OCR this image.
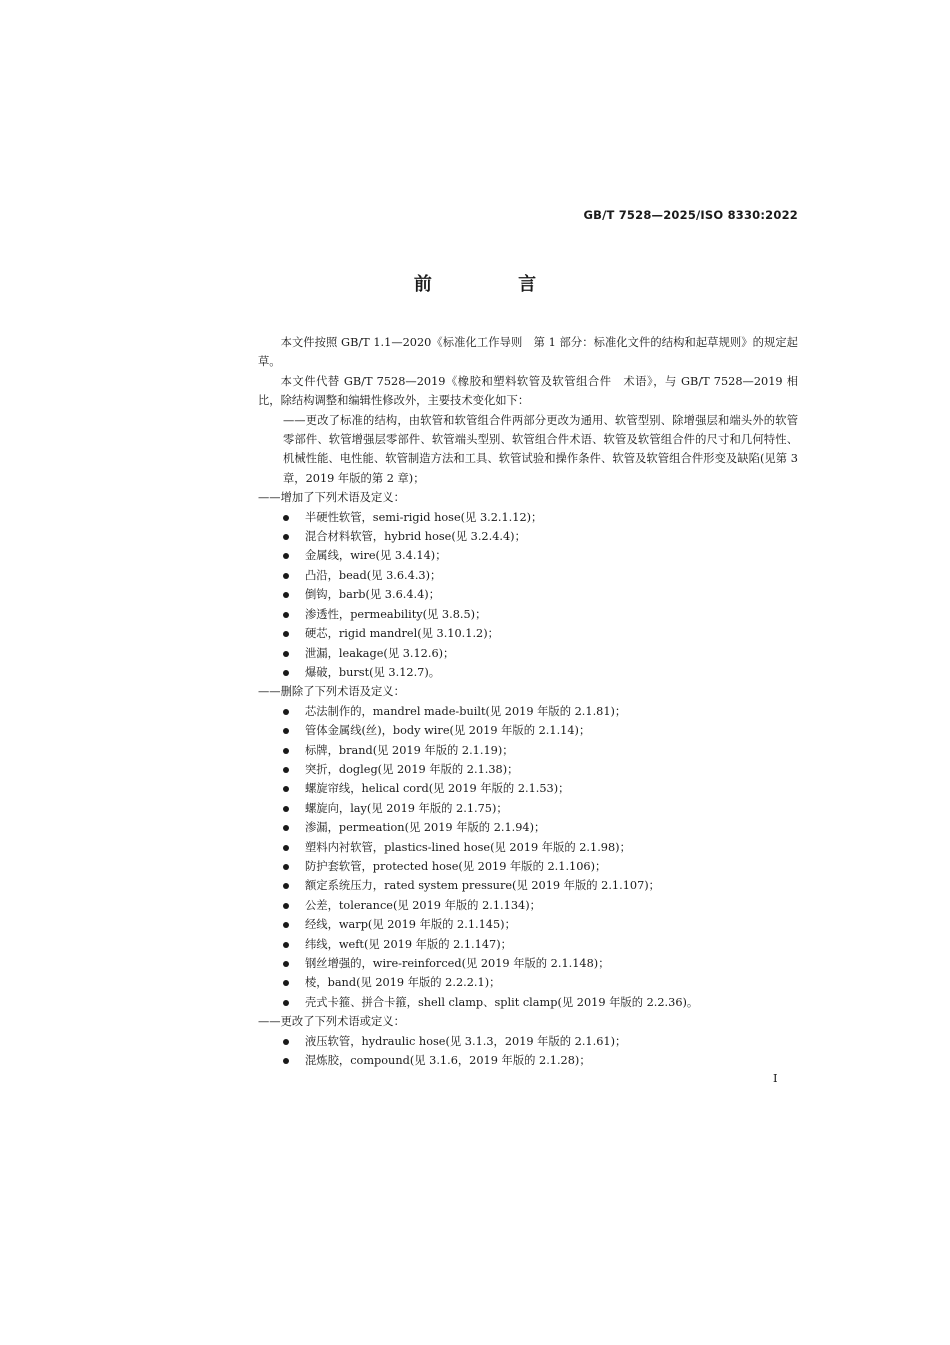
GB/T 7528—2025/ISO 8330:2022
前 言

本文件按照 GB/T 1.1—2020《标准化工作导则　第 1 部分：标准化文件的结构和起草规则》的规定起草。

本文件代替 GB/T 7528—2019《橡胶和塑料软管及软管组合件　术语》，与 GB/T 7528—2019 相比，除结构调整和编辑性修改外，主要技术变化如下：

——更改了标准的结构，由软管和软管组合件两部分更改为通用、软管型别、除增强层和端头外的软管零部件、软管增强层零部件、软管端头型别、软管组合件术语、软管及软管组合件的尺寸和几何特性、机械性能、电性能、软管制造方法和工具、软管试验和操作条件、软管及软管组合件形变及缺陷(见第 3 章，2019 年版的第 2 章)；

——增加了下列术语及定义：

半硬性软管，semi-rigid hose(见 3.2.1.12)；
混合材料软管，hybrid hose(见 3.2.4.4)；
金属线，wire(见 3.4.14)；
凸沿，bead(见 3.6.4.3)；
倒钩，barb(见 3.6.4.4)；
渗透性，permeability(见 3.8.5)；
硬芯，rigid mandrel(见 3.10.1.2)；
泄漏，leakage(见 3.12.6)；
爆破，burst(见 3.12.7)。

——删除了下列术语及定义：

芯法制作的，mandrel made-built(见 2019 年版的 2.1.81)；
管体金属线(丝)，body wire(见 2019 年版的 2.1.14)；
标牌，brand(见 2019 年版的 2.1.19)；
突折，dogleg(见 2019 年版的 2.1.38)；
螺旋帘线，helical cord(见 2019 年版的 2.1.53)；
螺旋向，lay(见 2019 年版的 2.1.75)；
渗漏，permeation(见 2019 年版的 2.1.94)；
塑料内衬软管，plastics-lined hose(见 2019 年版的 2.1.98)；
防护套软管，protected hose(见 2019 年版的 2.1.106)；
额定系统压力，rated system pressure(见 2019 年版的 2.1.107)；
公差，tolerance(见 2019 年版的 2.1.134)；
经线，warp(见 2019 年版的 2.1.145)；
纬线，weft(见 2019 年版的 2.1.147)；
钢丝增强的，wire-reinforced(见 2019 年版的 2.1.148)；
棱，band(见 2019 年版的 2.2.2.1)；
壳式卡箍、拼合卡箍，shell clamp、split clamp(见 2019 年版的 2.2.36)。

——更改了下列术语或定义：

液压软管，hydraulic hose(见 3.1.3，2019 年版的 2.1.61)；
混炼胶，compound(见 3.1.6，2019 年版的 2.1.28)；
I
